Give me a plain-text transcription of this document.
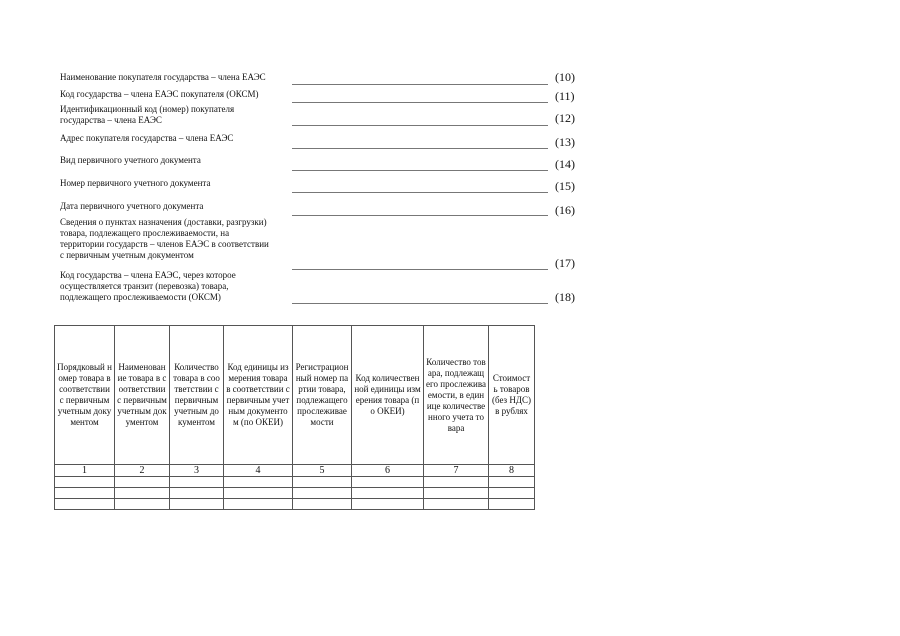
Наименование покупателя государства – члена ЕАЭС	(10)
Код государства – члена ЕАЭС покупателя (ОКСМ)	(11)
Идентификационный код (номер) покупателя
государства – члена ЕАЭС	(12)
Адрес покупателя государства – члена ЕАЭС	(13)
Вид первичного учетного документа	(14)
Номер первичного учетного документа	(15)
Дата первичного учетного документа	(16)
Сведения о пунктах назначения (доставки, разгрузки)
товара, подлежащего прослеживаемости, на
территории государств – членов ЕАЭС в соответствии
с первичным учетным документом
(17)
Код государства – члена ЕАЭС, через которое
осуществляется транзит (перевозка) товара,
подлежащего прослеживаемости (ОКСМ)	(18)
Порядковый номер товара в соответствии с первичным учетным документом	Наименование товара в соответствии с первичным учетным документом	Количество товара в соответствии с первичным учетным документом	Код единицы измерения товара в соответствии с первичным учетным документом (по ОКЕИ)	Регистрационный номер партии товара, подлежащего прослеживаемости	Код количественной единицы измерения товара (по ОКЕИ)	Количество товара, подлежащего прослеживаемости, в единице количественного учета товара	Стоимость товаров (без НДС) в рублях
1	2	3	4	5	6	7	8
